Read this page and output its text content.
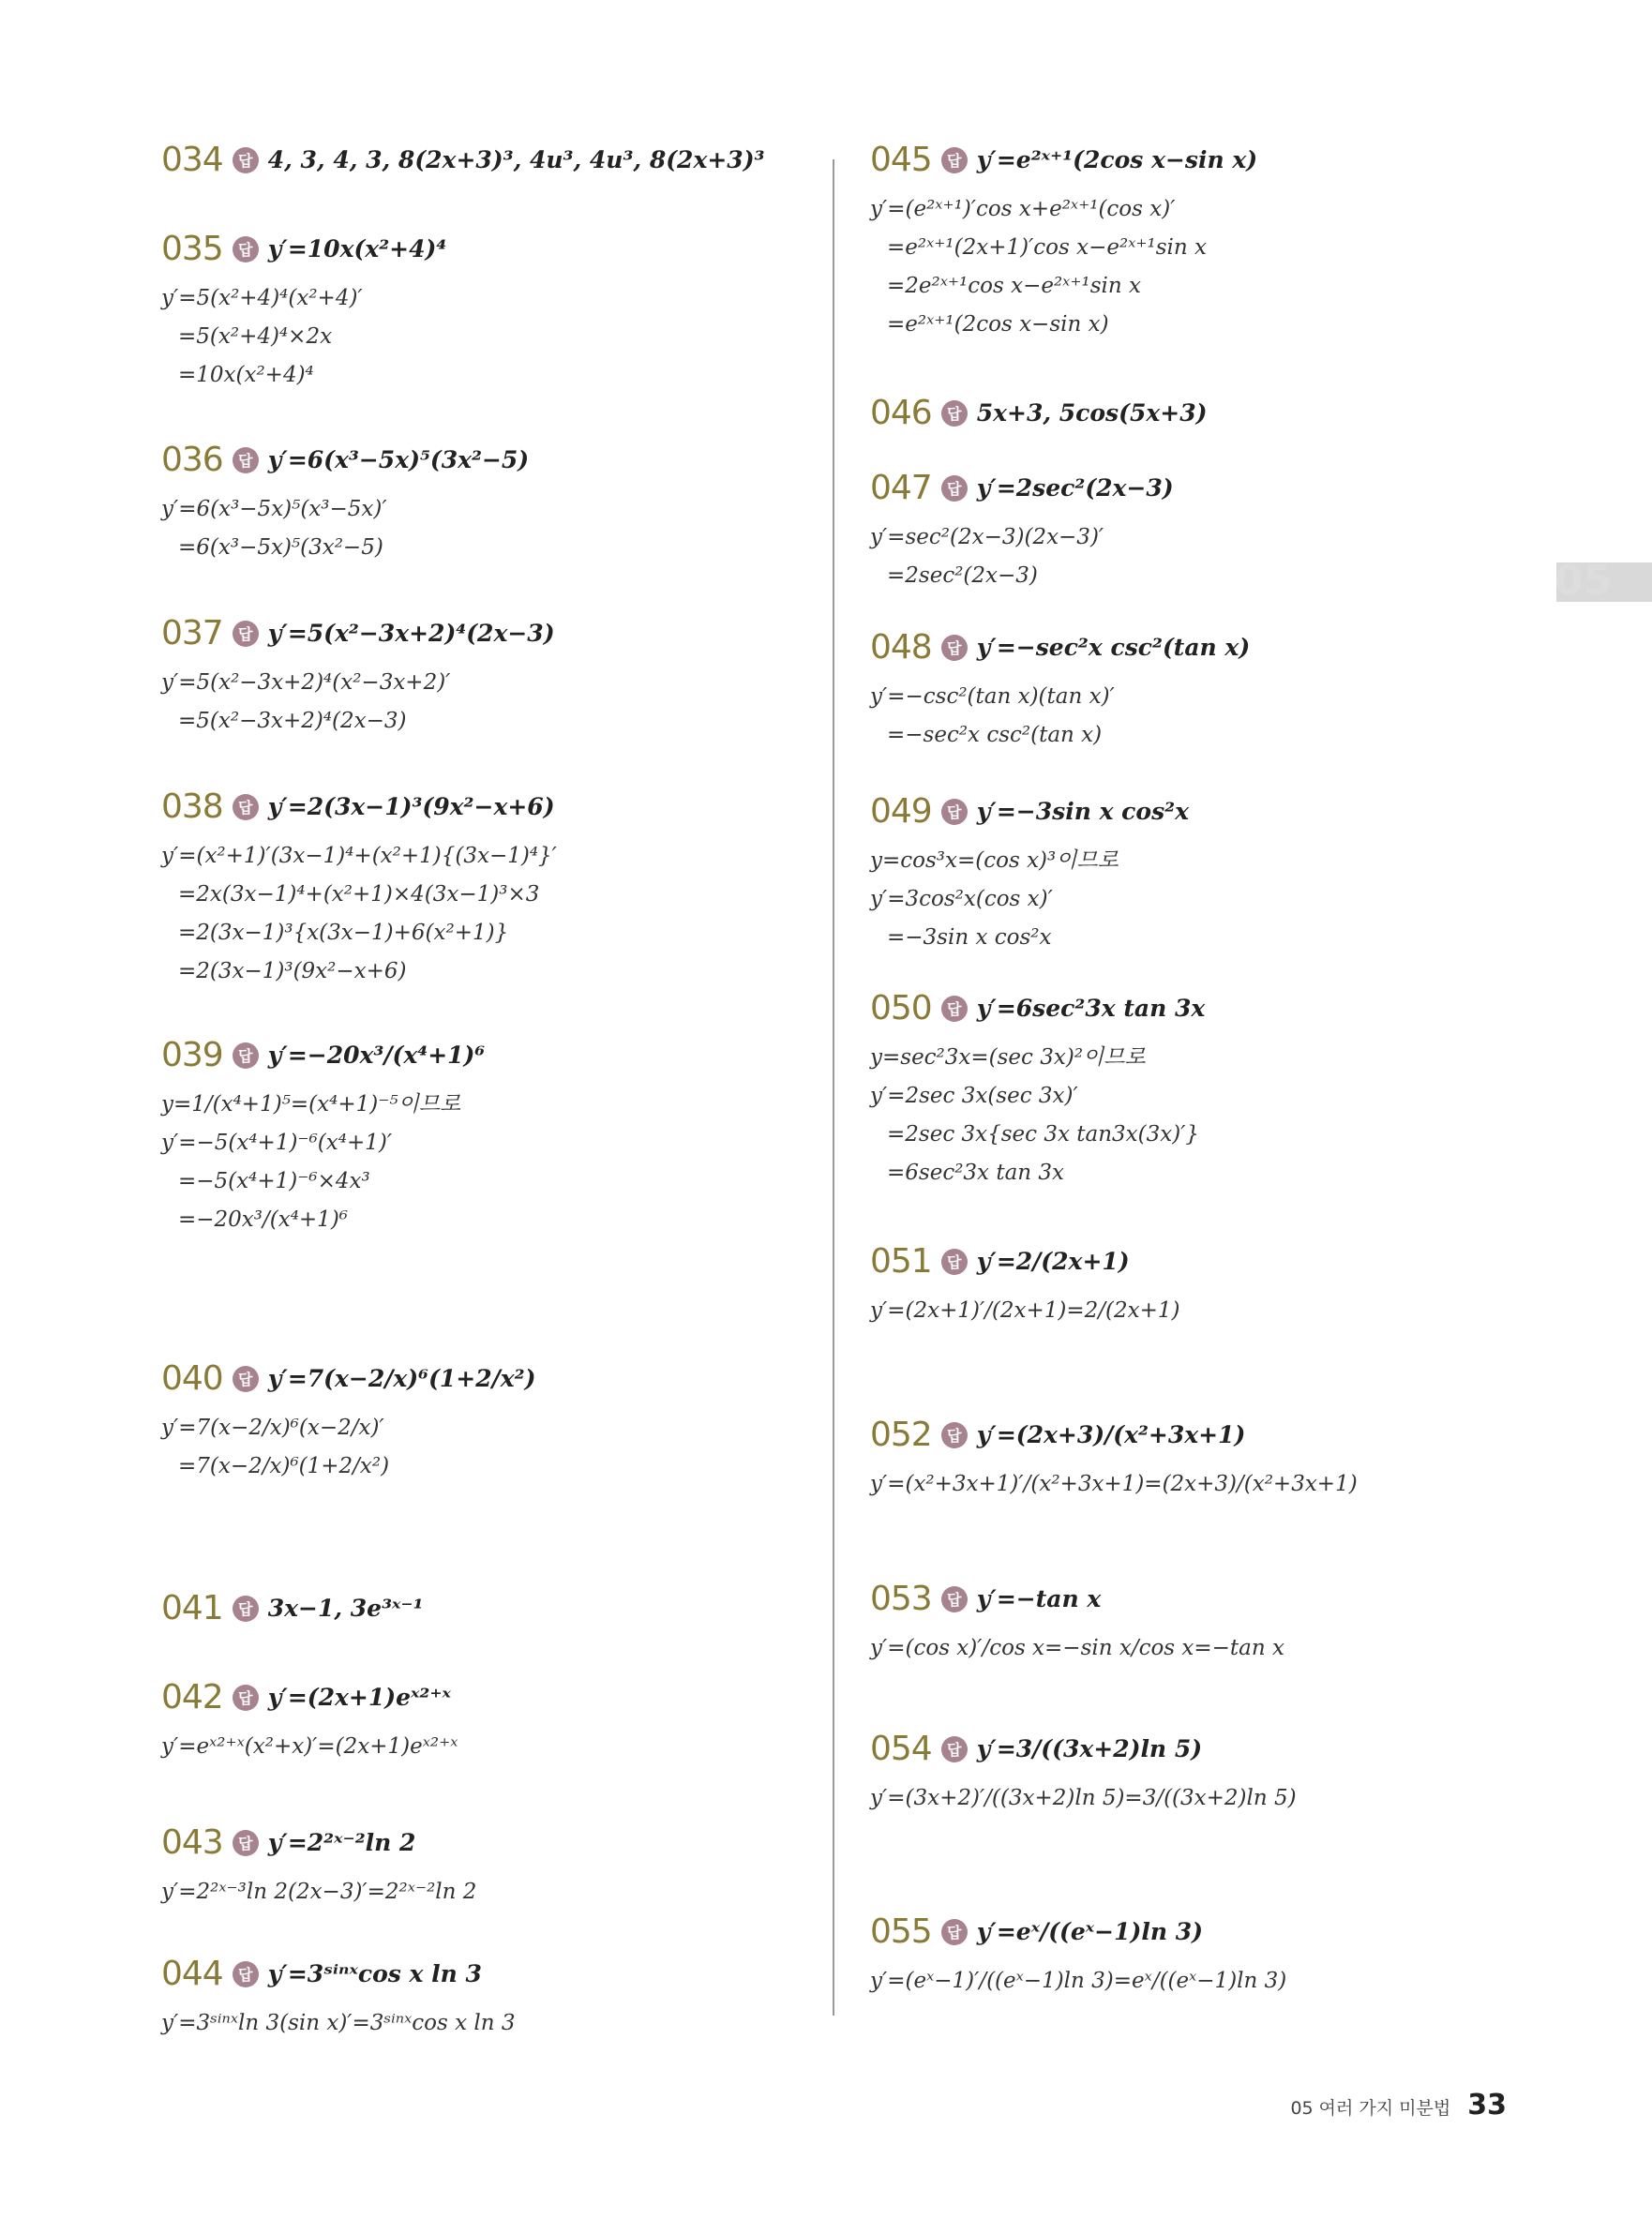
034	답 4, 3, 4, 3, 8(2x+3)³, 4u³, 4u³, 8(2x+3)³
035	답 y′=10x(x²+4)⁴
y′=5(x²+4)⁴(x²+4)′
=5(x²+4)⁴×2x
=10x(x²+4)⁴
036	답 y′=6(x³−5x)⁵(3x²−5)
y′=6(x³−5x)⁵(x³−5x)′
=6(x³−5x)⁵(3x²−5)
037	답 y′=5(x²−3x+2)⁴(2x−3)
y′=5(x²−3x+2)⁴(x²−3x+2)′
=5(x²−3x+2)⁴(2x−3)
038	답 y′=2(3x−1)³(9x²−x+6)
y′=(x²+1)′(3x−1)⁴+(x²+1){(3x−1)⁴}′
=2x(3x−1)⁴+(x²+1)×4(3x−1)³×3
=2(3x−1)³{x(3x−1)+6(x²+1)}
=2(3x−1)³(9x²−x+6)
039	답 y′=−20x³/(x⁴+1)⁶
y=1/(x⁴+1)⁵=(x⁴+1)⁻⁵이므로
y′=−5(x⁴+1)⁻⁶(x⁴+1)′
=−5(x⁴+1)⁻⁶×4x³
=−20x³/(x⁴+1)⁶
040	답 y′=7(x−2/x)⁶(1+2/x²)
y′=7(x−2/x)⁶(x−2/x)′
=7(x−2/x)⁶(1+2/x²)
041	답 3x−1, 3e³ˣ⁻¹
042	답 y′=(2x+1)eˣ²⁺ˣ
y′=eˣ²⁺ˣ(x²+x)′=(2x+1)eˣ²⁺ˣ
043	답 y′=2²ˣ⁻²ln 2
y′=2²ˣ⁻³ln 2(2x−3)′=2²ˣ⁻²ln 2
044	답 y′=3ˢⁱⁿˣcos x ln 3
y′=3ˢⁱⁿˣln 3(sin x)′=3ˢⁱⁿˣcos x ln 3
045	답 y′=e²ˣ⁺¹(2cos x−sin x)
y′=(e²ˣ⁺¹)′cos x+e²ˣ⁺¹(cos x)′
=e²ˣ⁺¹(2x+1)′cos x−e²ˣ⁺¹sin x
=2e²ˣ⁺¹cos x−e²ˣ⁺¹sin x
=e²ˣ⁺¹(2cos x−sin x)
046	답 5x+3, 5cos(5x+3)
047	답 y′=2sec²(2x−3)
y′=sec²(2x−3)(2x−3)′
=2sec²(2x−3)
048	답 y′=−sec²x csc²(tan x)
y′=−csc²(tan x)(tan x)′
=−sec²x csc²(tan x)
049	답 y′=−3sin x cos²x
y=cos³x=(cos x)³이므로
y′=3cos²x(cos x)′
=−3sin x cos²x
050	답 y′=6sec²3x tan 3x
y=sec²3x=(sec 3x)²이므로
y′=2sec 3x(sec 3x)′
=2sec 3x{sec 3x tan3x(3x)′}
=6sec²3x tan 3x
051	답 y′=2/(2x+1)
y′=(2x+1)′/(2x+1)=2/(2x+1)
052	답 y′=(2x+3)/(x²+3x+1)
y′=(x²+3x+1)′/(x²+3x+1)=(2x+3)/(x²+3x+1)
053	답 y′=−tan x
y′=(cos x)′/cos x=−sin x/cos x=−tan x
054	답 y′=3/((3x+2)ln 5)
y′=(3x+2)′/((3x+2)ln 5)=3/((3x+2)ln 5)
055	답 y′=eˣ/((eˣ−1)ln 3)
y′=(eˣ−1)′/((eˣ−1)ln 3)=eˣ/((eˣ−1)ln 3)
05
05 여러 가지 미분법 33
